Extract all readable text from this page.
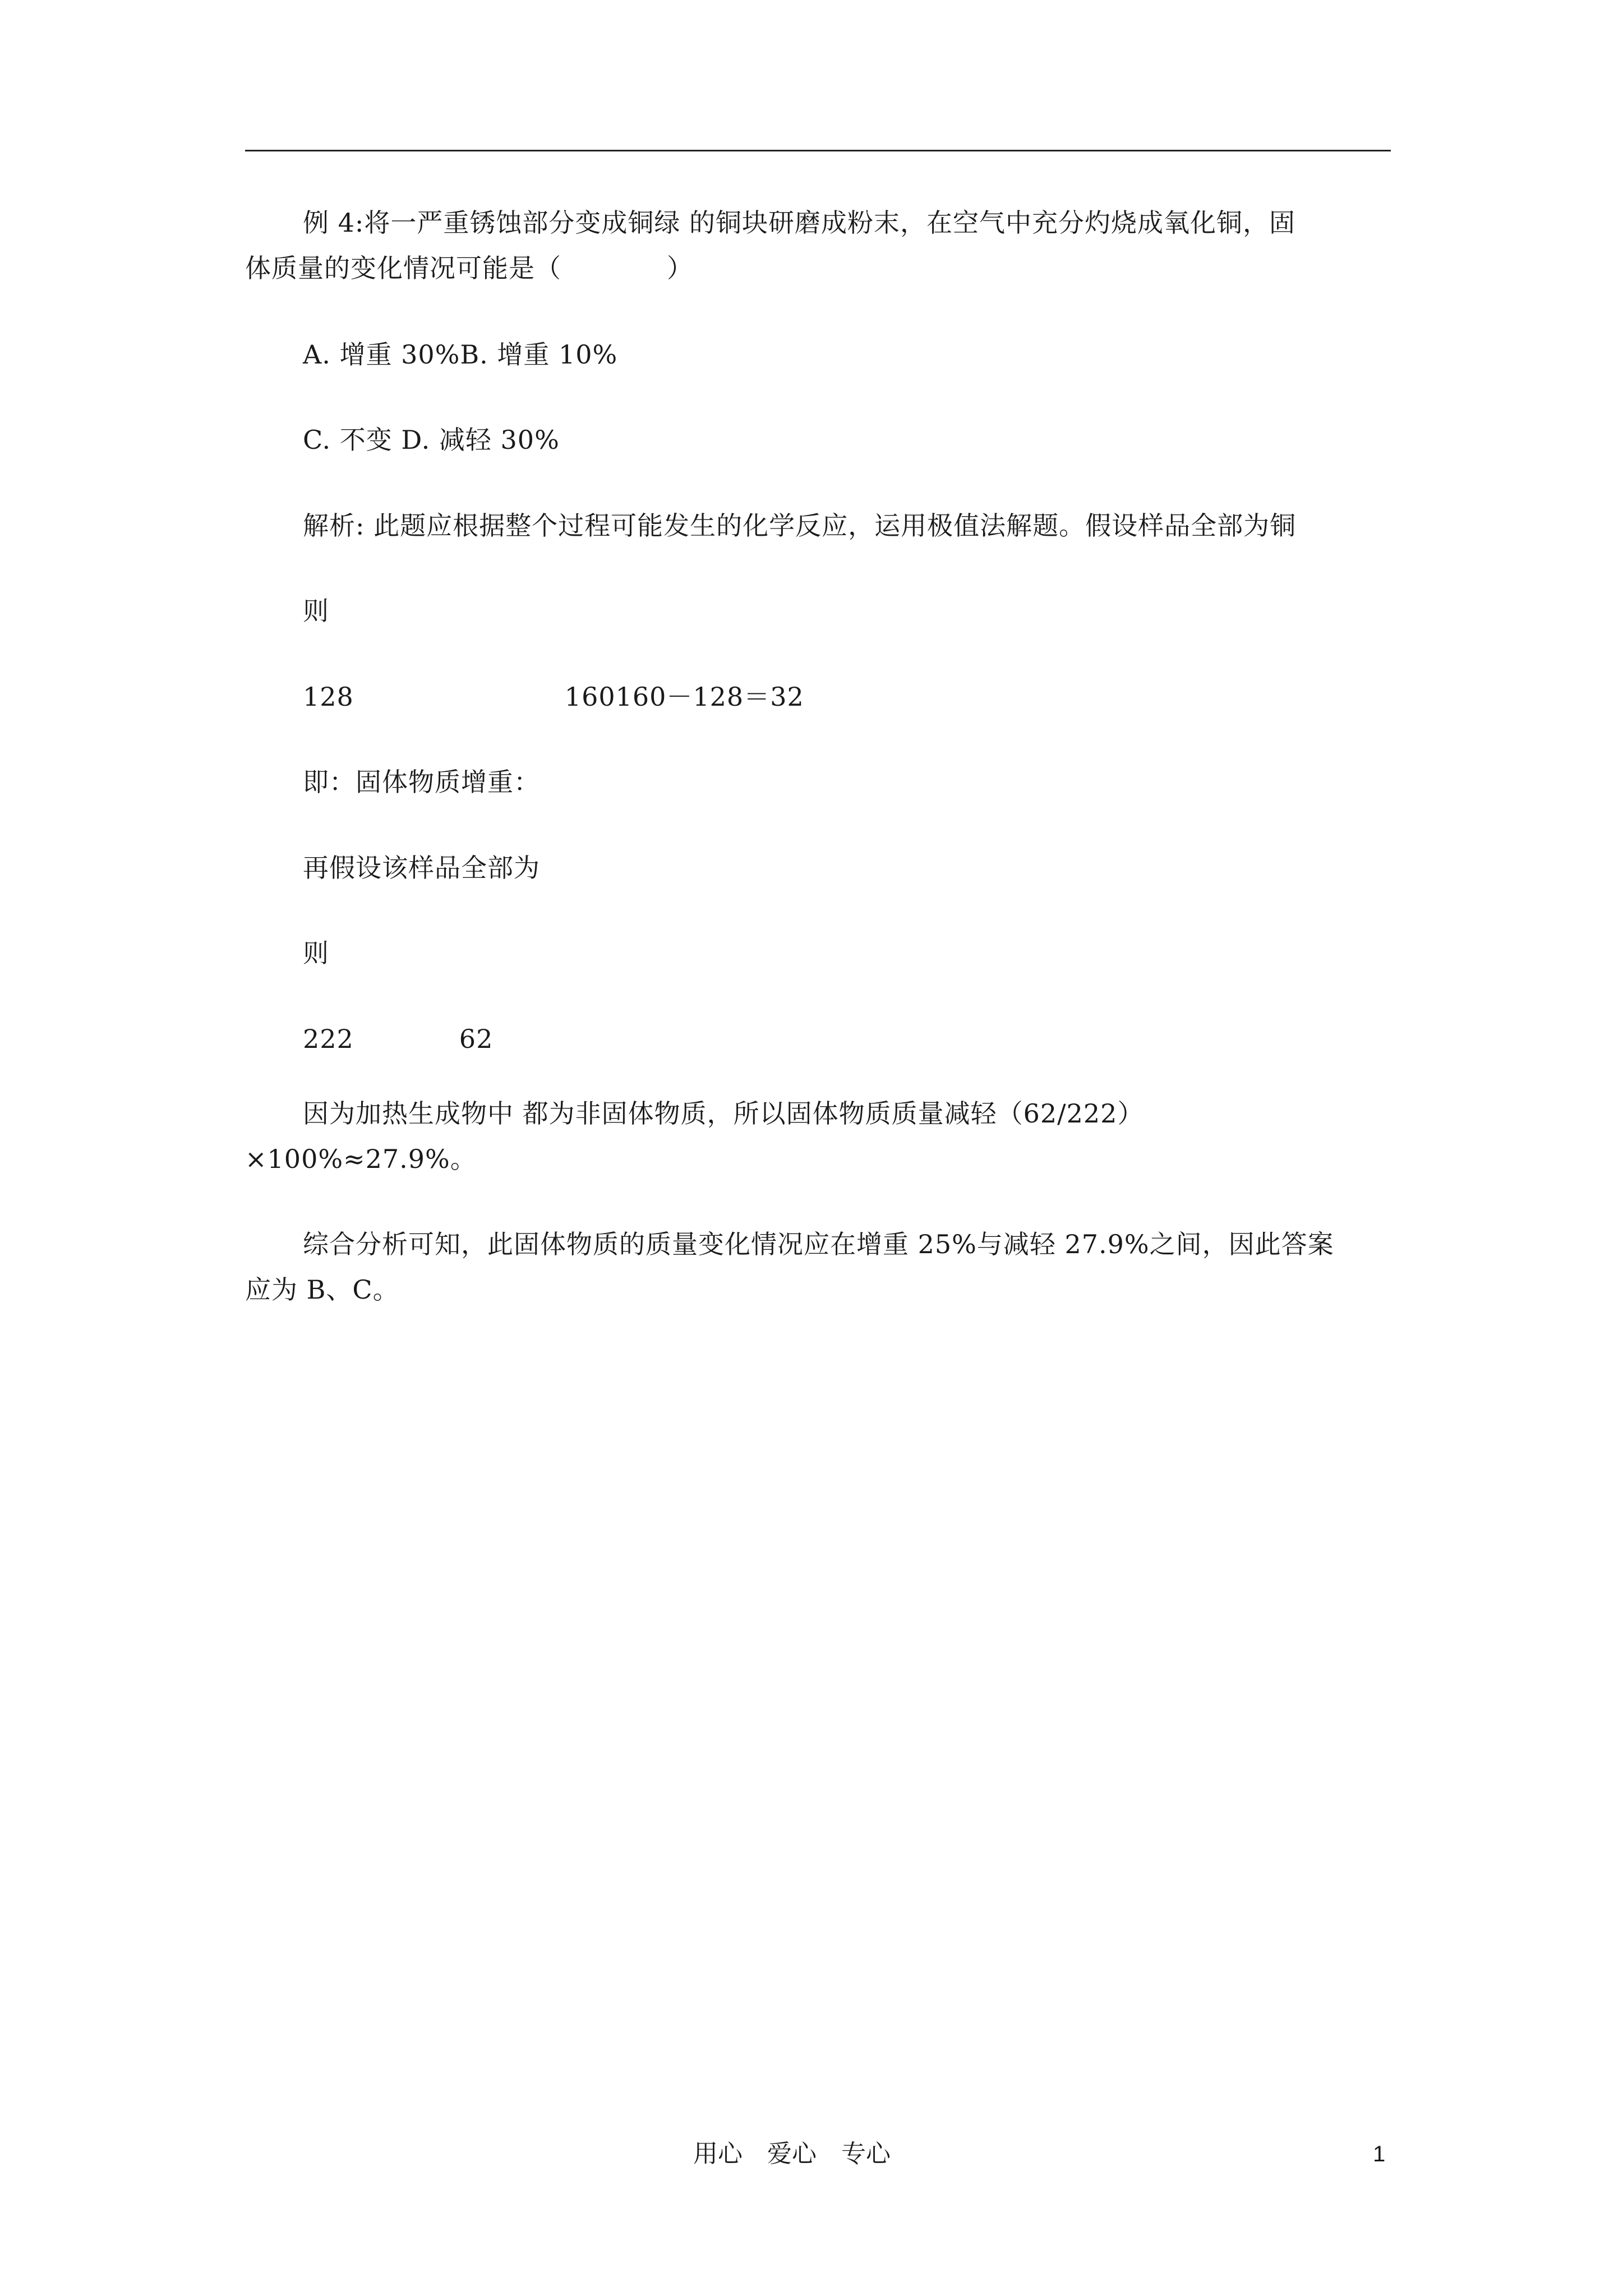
例 4:将一严重锈蚀部分变成铜绿 的铜块研磨成粉末，在空气中充分灼烧成氧化铜，固
体质量的变化情况可能是（　　　　）
A. 增重 30%B. 增重 10%
C. 不变 D. 减轻 30%
解析: 此题应根据整个过程可能发生的化学反应，运用极值法解题。假设样品全部为铜
则
128　　　　　　　　160160－128＝32
即：固体物质增重：
再假设该样品全部为
则
222　　　　62
因为加热生成物中 都为非固体物质，所以固体物质质量减轻（62/222）
×100%≈27.9%。
综合分析可知，此固体物质的质量变化情况应在增重 25%与减轻 27.9%之间，因此答案
应为 B、C。
用心　爱心　专心	1
